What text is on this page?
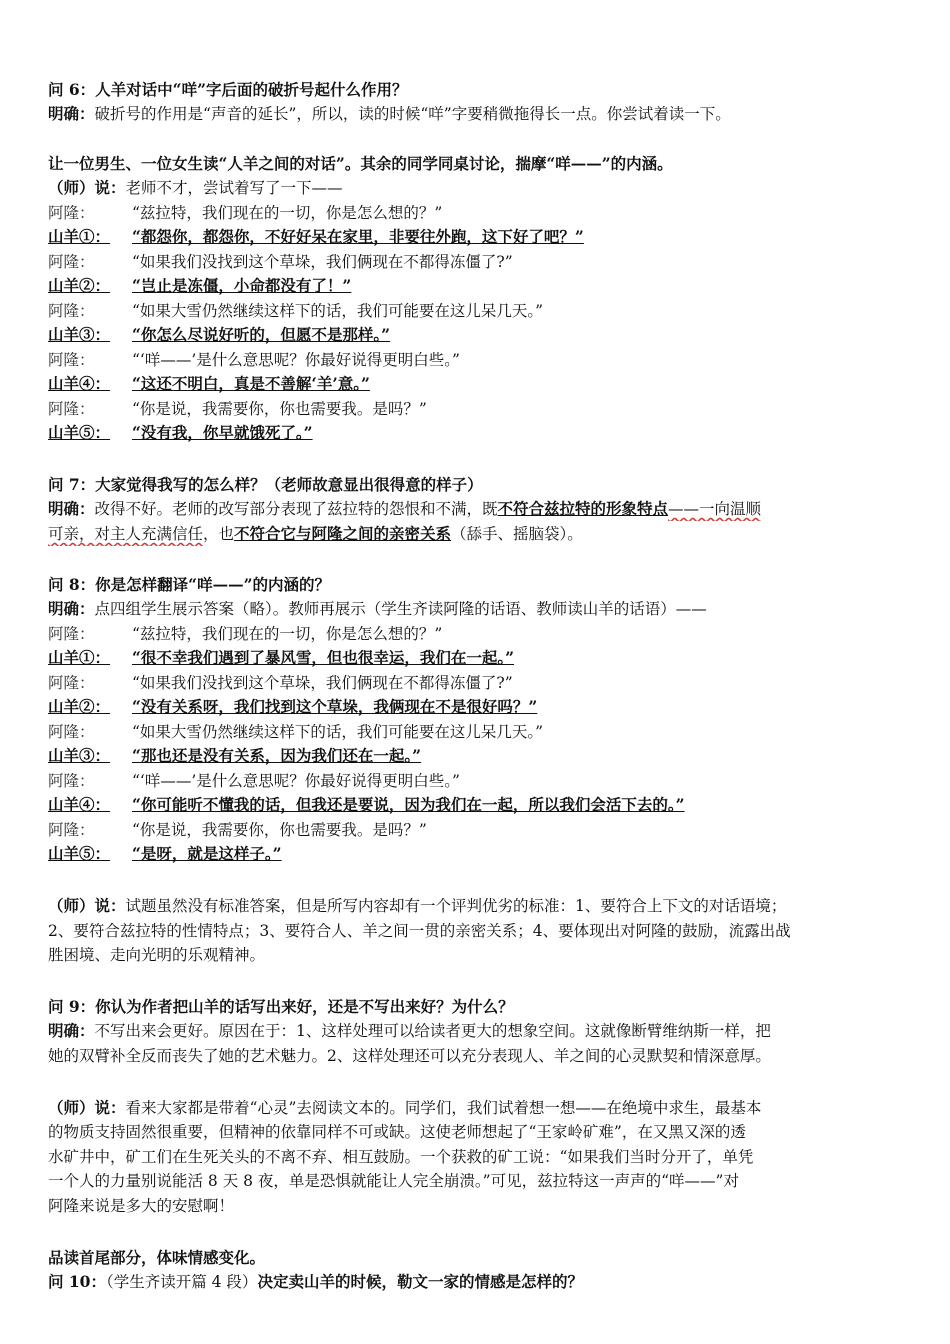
问 6：人羊对话中“咩”字后面的破折号起什么作用？
明确：破折号的作用是“声音的延长”，所以，读的时候“咩”字要稍微拖得长一点。你尝试着读一下。
让一位男生、一位女生读“人羊之间的对话”。其余的同学同桌讨论，揣摩“咩——”的内涵。
（师）说：老师不才，尝试着写了一下——
阿隆： “兹拉特，我们现在的一切，你是怎么想的？”
山羊①： “都怨你，都怨你，不好好呆在家里，非要往外跑，这下好了吧？”
阿隆： “如果我们没找到这个草垛，我们俩现在不都得冻僵了?”
山羊②： “岂止是冻僵，小命都没有了！”
阿隆： “如果大雪仍然继续这样下的话，我们可能要在这儿呆几天。”
山羊③： “你怎么尽说好听的，但愿不是那样。”
阿隆： “‘咩——’是什么意思呢？你最好说得更明白些。”
山羊④： “这还不明白，真是不善解‘羊’意。”
阿隆： “你是说，我需要你，你也需要我。是吗？”
山羊⑤： “没有我，你早就饿死了。”
问 7：大家觉得我写的怎么样？（老师故意显出很得意的样子）
明确：改得不好。老师的改写部分表现了兹拉特的怨恨和不满，既不符合兹拉特的形象特点——一向温顺
可亲，对主人充满信任，也不符合它与阿隆之间的亲密关系（舔手、摇脑袋）。
问 8：你是怎样翻译“咩——”的内涵的？
明确：点四组学生展示答案（略）。教师再展示（学生齐读阿隆的话语、教师读山羊的话语）——
阿隆： “兹拉特，我们现在的一切，你是怎么想的？”
山羊①： “很不幸我们遇到了暴风雪，但也很幸运，我们在一起。”
阿隆： “如果我们没找到这个草垛，我们俩现在不都得冻僵了?”
山羊②： “没有关系呀，我们找到这个草垛，我俩现在不是很好吗？”
阿隆： “如果大雪仍然继续这样下的话，我们可能要在这儿呆几天。”
山羊③： “那也还是没有关系，因为我们还在一起。”
阿隆： “‘咩——’是什么意思呢？你最好说得更明白些。”
山羊④： “你可能听不懂我的话，但我还是要说，因为我们在一起，所以我们会活下去的。”
阿隆： “你是说，我需要你，你也需要我。是吗？”
山羊⑤： “是呀，就是这样子。”
（师）说：试题虽然没有标准答案，但是所写内容却有一个评判优劣的标准：1、要符合上下文的对话语境；
2、要符合兹拉特的性情特点；3、要符合人、羊之间一贯的亲密关系；4、要体现出对阿隆的鼓励，流露出战
胜困境、走向光明的乐观精神。
问 9：你认为作者把山羊的话写出来好，还是不写出来好？为什么？
明确：不写出来会更好。原因在于：1、这样处理可以给读者更大的想象空间。这就像断臂维纳斯一样，把
她的双臂补全反而丧失了她的艺术魅力。2、这样处理还可以充分表现人、羊之间的心灵默契和情深意厚。
（师）说：看来大家都是带着“心灵”去阅读文本的。同学们，我们试着想一想——在绝境中求生，最基本
的物质支持固然很重要，但精神的依靠同样不可或缺。这使老师想起了“王家岭矿难”，在又黑又深的透
水矿井中，矿工们在生死关头的不离不弃、相互鼓励。一个获救的矿工说：“如果我们当时分开了，单凭
一个人的力量别说能活 8 天 8 夜，单是恐惧就能让人完全崩溃。”可见，兹拉特这一声声的“咩——”对
阿隆来说是多大的安慰啊！
品读首尾部分，体味情感变化。
问 10：（学生齐读开篇 4 段）决定卖山羊的时候，勒文一家的情感是怎样的？
